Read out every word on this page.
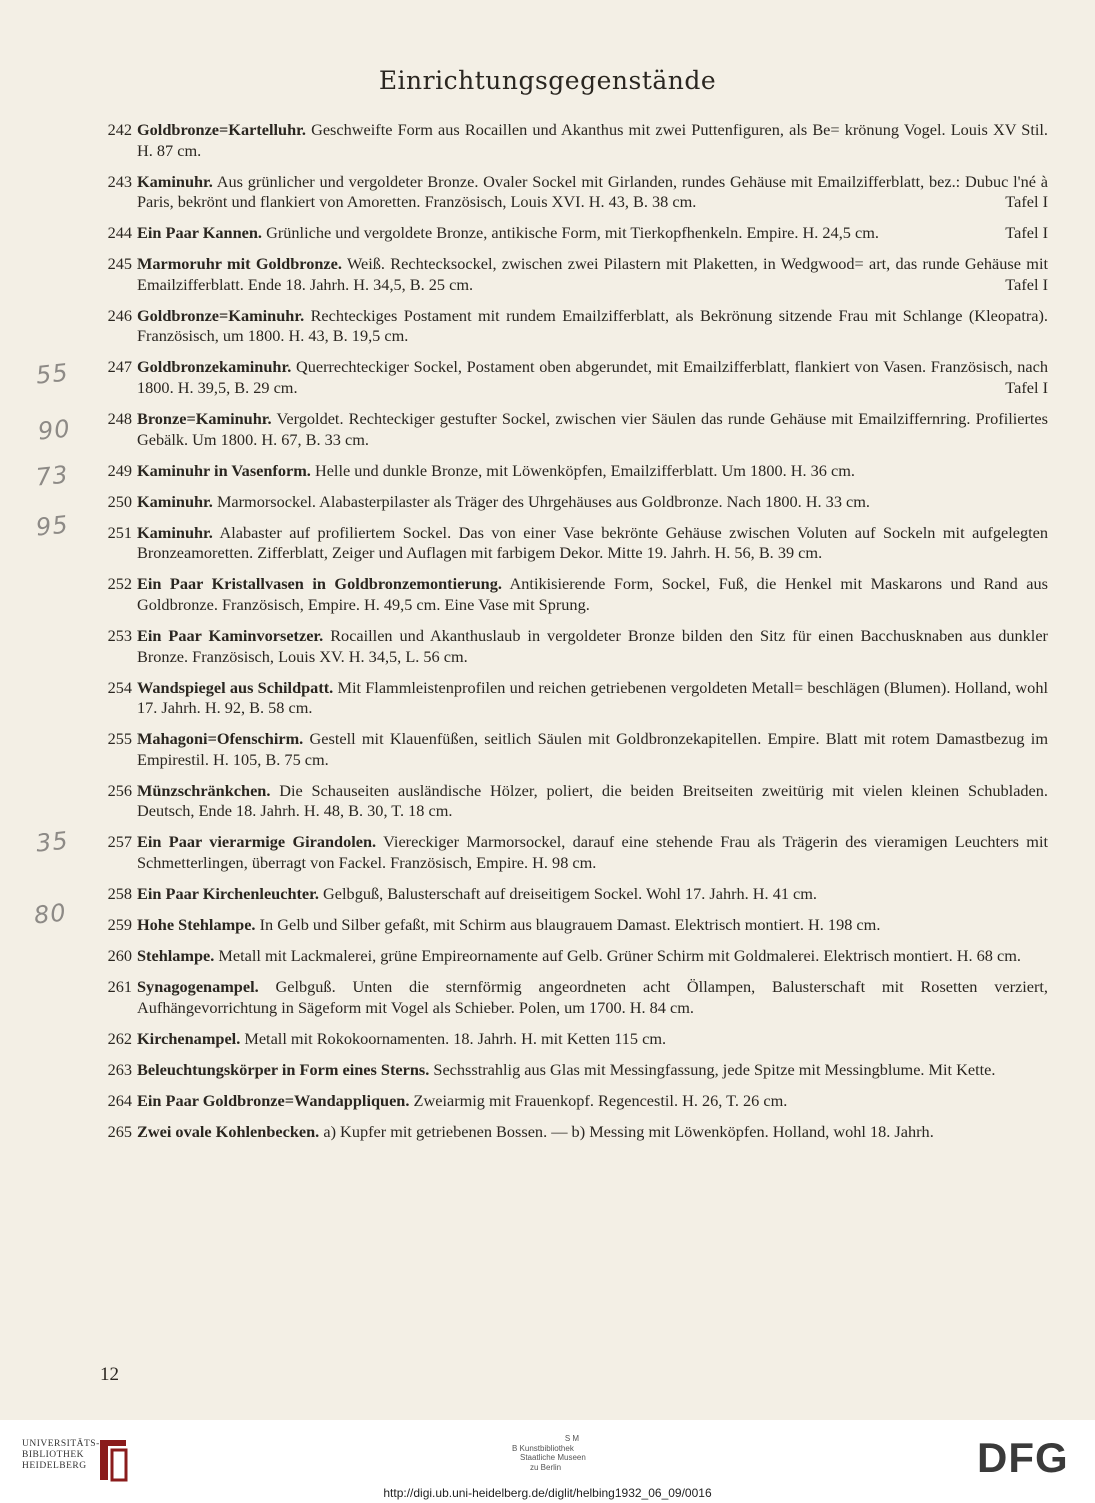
Einrichtungsgegenstände
242 Goldbronze=Kartelluhr. Geschweifte Form aus Rocaillen und Akanthus mit zwei Puttenfiguren, als Be= krönung Vogel. Louis XV Stil. H. 87 cm.
243 Kaminuhr. Aus grünlicher und vergoldeter Bronze. Ovaler Sockel mit Girlanden, rundes Gehäuse mit Emailzifferblatt, bez.: Dubuc l'né à Paris, bekrönt und flankiert von Amoretten. Französisch, Louis XVI. H. 43, B. 38 cm.	Tafel I
244 Ein Paar Kannen. Grünliche und vergoldete Bronze, antikische Form, mit Tierkopfhenkeln. Empire. H. 24,5 cm.	Tafel I
245 Marmoruhr mit Goldbronze. Weiß. Rechtecksockel, zwischen zwei Pilastern mit Plaketten, in Wedgwood= art, das runde Gehäuse mit Emailzifferblatt. Ende 18. Jahrh. H. 34,5, B. 25 cm.	Tafel I
246 Goldbronze=Kaminuhr. Rechteckiges Postament mit rundem Emailzifferblatt, als Bekrönung sitzende Frau mit Schlange (Kleopatra). Französisch, um 1800. H. 43, B. 19,5 cm.
247 Goldbronzekaminuhr. Querrechteckiger Sockel, Postament oben abgerundet, mit Emailzifferblatt, flankiert von Vasen. Französisch, nach 1800. H. 39,5, B. 29 cm.	Tafel I
248 Bronze=Kaminuhr. Vergoldet. Rechteckiger gestufter Sockel, zwischen vier Säulen das runde Gehäuse mit Emailziffernring. Profiliertes Gebälk. Um 1800. H. 67, B. 33 cm.
249 Kaminuhr in Vasenform. Helle und dunkle Bronze, mit Löwenköpfen, Emailzifferblatt. Um 1800. H. 36 cm.
250 Kaminuhr. Marmorsockel. Alabasterpilaster als Träger des Uhrgehäuses aus Goldbronze. Nach 1800. H. 33 cm.
251 Kaminuhr. Alabaster auf profiliertem Sockel. Das von einer Vase bekrönte Gehäuse zwischen Voluten auf Sockeln mit aufgelegten Bronzeamoretten. Zifferblatt, Zeiger und Auflagen mit farbigem Dekor. Mitte 19. Jahrh. H. 56, B. 39 cm.
252 Ein Paar Kristallvasen in Goldbronzemontierung. Antikisierende Form, Sockel, Fuß, die Henkel mit Maskarons und Rand aus Goldbronze. Französisch, Empire. H. 49,5 cm. Eine Vase mit Sprung.
253 Ein Paar Kaminvorsetzer. Rocaillen und Akanthuslaub in vergoldeter Bronze bilden den Sitz für einen Bacchusknaben aus dunkler Bronze. Französisch, Louis XV. H. 34,5, L. 56 cm.
254 Wandspiegel aus Schildpatt. Mit Flammleistenprofilen und reichen getriebenen vergoldeten Metall= beschlägen (Blumen). Holland, wohl 17. Jahrh. H. 92, B. 58 cm.
255 Mahagoni=Ofenschirm. Gestell mit Klauenfüßen, seitlich Säulen mit Goldbronzekapitellen. Empire. Blatt mit rotem Damastbezug im Empirestil. H. 105, B. 75 cm.
256 Münzschränkchen. Die Schauseiten ausländische Hölzer, poliert, die beiden Breitseiten zweitürig mit vielen kleinen Schubladen. Deutsch, Ende 18. Jahrh. H. 48, B. 30, T. 18 cm.
257 Ein Paar vierarmige Girandolen. Viereckiger Marmorsockel, darauf eine stehende Frau als Trägerin des vieramigen Leuchters mit Schmetterlingen, überragt von Fackel. Französisch, Empire. H. 98 cm.
258 Ein Paar Kirchenleuchter. Gelbguß, Balusterschaft auf dreiseitigem Sockel. Wohl 17. Jahrh. H. 41 cm.
259 Hohe Stehlampe. In Gelb und Silber gefaßt, mit Schirm aus blaugrauem Damast. Elektrisch montiert. H. 198 cm.
260 Stehlampe. Metall mit Lackmalerei, grüne Empireornamente auf Gelb. Grüner Schirm mit Goldmalerei. Elektrisch montiert. H. 68 cm.
261 Synagogenampel. Gelbguß. Unten die sternförmig angeordneten acht Öllampen, Balusterschaft mit Rosetten verziert, Aufhängevorrichtung in Sägeform mit Vogel als Schieber. Polen, um 1700. H. 84 cm.
262 Kirchenampel. Metall mit Rokokoornamenten. 18. Jahrh. H. mit Ketten 115 cm.
263 Beleuchtungskörper in Form eines Sterns. Sechsstrahlig aus Glas mit Messingfassung, jede Spitze mit Messingblume. Mit Kette.
264 Ein Paar Goldbronze=Wandappliquen. Zweiarmig mit Frauenkopf. Regencestil. H. 26, T. 26 cm.
265 Zwei ovale Kohlenbecken. a) Kupfer mit getriebenen Bossen. — b) Messing mit Löwenköpfen. Holland, wohl 18. Jahrh.
55
90
73
95
35
80
12
UNIVERSITÄTS-
BIBLIOTHEK
HEIDELBERG
S M
B Kunstbibliothek
Staatliche Museen
zu Berlin	DFG
http://digi.ub.uni-heidelberg.de/diglit/helbing1932_06_09/0016
